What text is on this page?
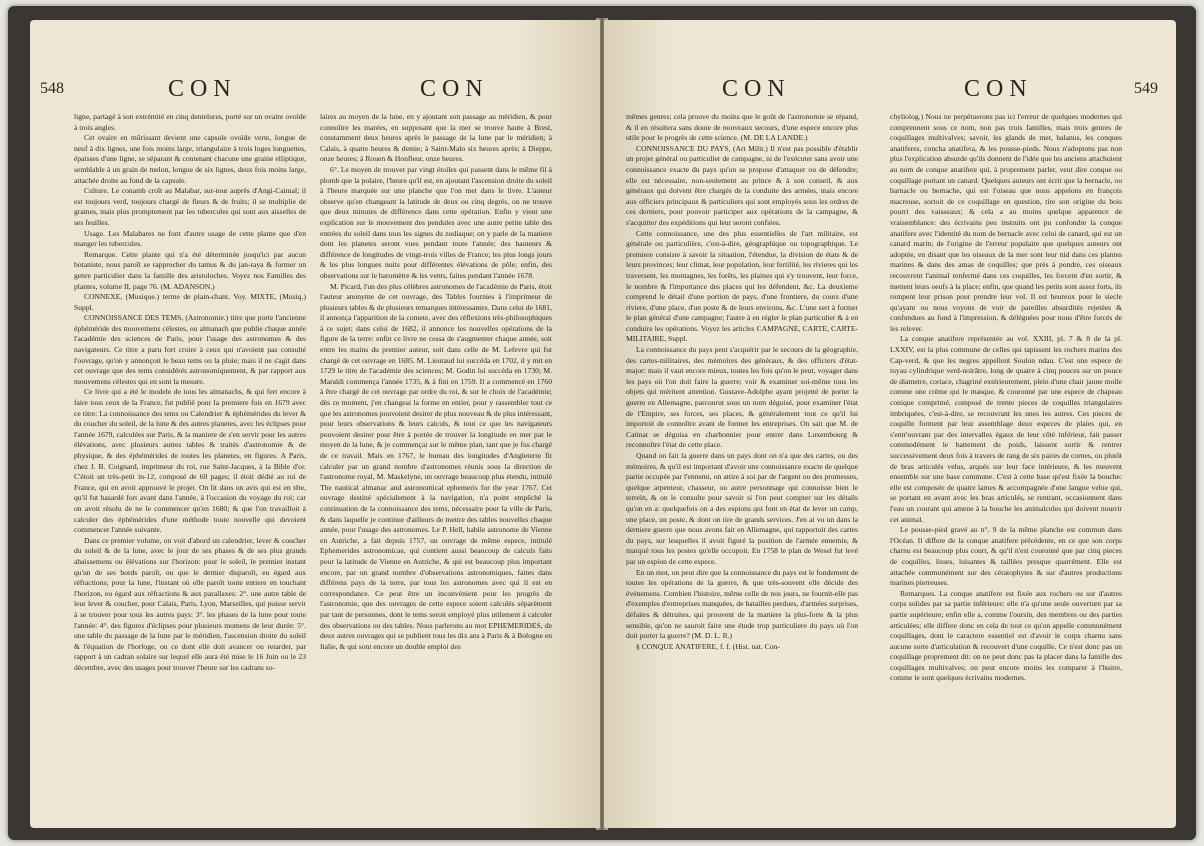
548	CON	CON

ligne, partagé à son extrémité en cinq dentelures, porté sur un ovaire ovoïde à trois angles.

Cet ovaire en mûrissant devient une capsule ovoïde verte, longue de neuf à dix lignes, une fois moins large, triangulaire à trois loges longuettes, épaisses d'une ligne, se séparant & contenant chacune une graine elliptique, semblable à un grain de melon, longue de six lignes, deux fois moins large, attachée droite au fond de la capsule.

Culture. Le conamb croît au Malabar, sur-tout auprès d'Angi-Caimal; il est toujours verd, toujours chargé de fleurs & de fruits; il se multiplie de graines, mais plus promptement par les tubercules qui sont aux aisselles de ses feuilles.

Usage. Les Malabares ne font d'autre usage de cette plante que d'en manger les tubercules.

Remarque. Cette plante qui n'a été déterminée jusqu'ici par aucun botaniste, nous paroît se rapprocher du tamus & du jan-raya & former un genre particulier dans la famille des aristoloches. Voyez nos Familles des plantes, volume II, page 76. (M. ADANSON.)

CONNEXE, (Musique.) terme de plain-chant. Voy. MIXTE, (Musiq.) Suppl.

CONNOISSANCE DES TEMS, (Astronomie.) titre que porte l'ancienne éphéméride des mouvemens célestes, ou almanach que publie chaque année l'académie des sciences de Paris, pour l'usage des astronomes & des navigateurs. Ce titre a paru fort croire à ceux qui n'avoient pas consulté l'ouvrage, qu'on y annonçoit le beau tems ou la pluie; mais il ne s'agit dans cet ouvrage que des tems considérés astronomiquement, & par rapport aux mouvemens célestes qui en sont la mesure.

Ce livre qui a été le modele de tous les almanachs, & qui fert encore à faire tous ceux de la France, fut publié pour la premiere fois en 1679 avec ce titre: La connoissance des tems ou Calendrier & éphémérides du lever & du coucher du soleil, de la lune & des autres planetes, avec les éclipses pour l'année 1679, calculées sur Paris, & la maniere de s'en servir pour les autres élévations, avec plusieurs autres tables & traités d'astronomie & de physique, & des éphémérides de toutes les planetes, en figures. A Paris, chez J. B. Coignard, imprimeur du roi, rue Saint-Jacques, à la Bible d'or. C'étoit un très-petit in-12, composé de 60 pages; il étoit dédié au roi de France, qui en avoit approuvé le projet. On lit dans un avis qui est en tête, qu'il fut hasardé fort avant dans l'année, à l'occasion du voyage du roi; car on avoit résolu de ne le commencer qu'en 1680; & que l'on travailloit à calculer des éphémérides d'une méthode toute nouvelle qui devoient commencer l'année suivante.

Dans ce premier volume, on voit d'abord un calendrier, lever & coucher du soleil & de la lune, avec le jour de ses phases & de ses plus grands abaissemens ou élévations sur l'horizon: pour le soleil, le premier instant qu'un de ses bords paroît, ou que le dernier disparoît, eu égard aux réfractions; pour la lune, l'instant où elle paroît toute entiere en touchant l'horizon, eu égard aux réfractions & aux parallaxes: 2°. une autre table de leur lever & coucher, pour Calais, Paris, Lyon, Marseilles, qui puisse servir à se trouver pour tous les autres pays: 3°. les phases de la lune pour toute l'année: 4°. des figures d'éclipses pour plusieurs momens de leur durée: 5°. une table du passage de la lune par le méridien, l'ascension droite du soleil & l'équation de l'horloge, ou ce dont elle doit avancer ou retarder, par rapport à un cadran solaire sur lequel elle aura été mise le 16 Juin ou le 23 décembre, avec des usages pour trouver l'heure sur les cadrans so-

laires au moyen de la lune, en y ajoutant son passage au méridien, & pour connoître les marées, en supposant que la mer se trouve haute à Brest, constamment deux heures après le passage de la lune par le méridien; à Calais, à quatre heures & demie; à Saint-Malo six heures après; à Dieppe, onze heures; à Rouen & Honfleur, onze heures.

6°. Le moyen de trouver par vingt étoiles qui passent dans le même fil à plomb que la polaire, l'heure qu'il est, en ajoutant l'ascension droite du soleil à l'heure marquée sur une planche que l'on met dans le livre. L'auteur observe qu'en changeant la latitude de deux ou cinq degrés, on ne trouve que deux minutes de différence dans cette opération. Enfin y vient une explication sur le mouvement des pendules avec une autre petite table des entrées du soleil dans tous les signes du zodiaque; on y parle de la maniere dont les planetes seront vues pendant toute l'année; des hauteurs & différence de longitudes de vingt-trois villes de France; les plus longs jours & les plus longues nuits pour différentes élévations de pôle; enfin, des observations sur le baromètre & les vents, faites pendant l'année 1678.

M. Picard, l'un des plus célèbres astronomes de l'académie de Paris, étoit l'auteur anonyme de cet ouvrage, des Tables fournies à l'imprimeur de plusieurs tables & de plusieurs remarques intéressantes. Dans celui de 1681, il annonça l'apparition de la comete, avec des réflexions très-philosophiques à ce sujet; dans celui de 1682, il annonce les nouvelles opérations de la figure de la terre: enfin ce livre ne cessa de s'augmenter chaque année, soit entre les mains du premier auteur, soit dans celle de M. Lefevre qui fut chargé de cet ouvrage en 1685. M. Lieutaud lui succéda en 1702, il y mit en 1729 le titre de l'académie des sciences; M. Godin lui succéda en 1730; M. Maraldi commença l'année 1735, & à fini en 1759. Il a commencé en 1760 à être chargé de cet ouvrage par ordre du roi, & sur le choix de l'académie; dès ce moment, j'en changeai la forme en entier, pour y rassembler tout ce que les astronomes pouvoient desirer de plus nouveau & de plus intéressant, pour leurs observations & leurs calculs, & tout ce que les navigateurs pouvoient desirer pour être à portée de trouver la longitude en mer par le moyen de la lune, & je commençai sur le même plan, tant que je fus chargé de ce travail. Mais en 1767, le bureau des longitudes d'Angleterre fit calculer par un grand nombre d'astronomes réunis sous la direction de l'astronome royal, M. Maskelyne, un ouvrage beaucoup plus étendu, intitulé The nautical almanac and astronomical ephemeris for the year 1767. Cet ouvrage destiné spécialement à la navigation, n'a point empêché la continuation de la connoissance des tems, nécessaire pour la ville de Paris, & dans laquelle je continue d'ailleurs de mettre des tables nouvelles chaque année, pour l'usage des astronomes. Le P. Hell, habile astronome de Vienne en Autriche, a fait depuis 1757, un ouvrage de même espece, intitulé Ephemerides astronomicae, qui contient aussi beaucoup de calculs faits pour la latitude de Vienne en Autriche, & qui est beaucoup plus important encore, par un grand nombre d'observations astronomiques, faites dans différens pays de la terre, par tous les astronomes avec qui il est en correspondance. Ce peut être un inconvénient pour les progrès de l'astronomie, que des ouvrages de cette espece soient calculés séparément par tant de personnes, dont le tems seroit employé plus utilement à calculer des observations ou des tables. Nous parlerons au mot EPHEMERIDES, de deux autres ouvrages qui se publient tous les dix ans à Paris & à Bologne en Italie, & qui sont encore un double emploi des

CON	CON	549

mêmes genres; cela prouve du moins que le goût de l'astronomie se répand, & il en résultera sans doute de nouveaux secours, d'une espece encore plus utile pour le progrès de cette science. (M. DE LA LANDE.)

CONNOISSANCE DU PAYS, (Art Milit.) Il n'est pas possible d'établir un projet général ou particulier de campagne, ni de l'exécuter sans avoir une connoissance exacte du pays qu'on se propose d'attaquer ou de défendre; elle est nécessaire, non-seulement au prince & à son conseil, & aux généraux qui doivent être chargés de la conduite des armées, mais encore aux officiers principaux & particuliers qui sont employés sous les ordres de ces derniers, pour pouvoir participer aux opérations de la campagne, & s'acquitter des expéditions qui leur seront confiées.

Cette connoissance, une des plus essentielles de l'art militaire, est générale ou particulière, c'est-à-dire, géographique ou topographique. Le premiere consiste à savoir la situation, l'étendue, la division de états & de leurs provinces; leur climat, leur population, leur fertilité, les rivieres qui les traversent, les montagnes, les forêts, les plaines qui s'y trouvent, leur force, le nombre & l'importance des places qui les défendent, &c. La deuxieme comprend le détail d'une portion de pays, d'une frontiere, du cours d'une riviere, d'une place, d'un poste & de leurs environs, &c. L'une sert à former le plan général d'une campagne; l'autre à en régler le plan particulier & à en conduire les opérations. Voyez les articles CAMPAGNE, CARTE, CARTE-MILITAIRE, Suppl.

La connoissance du pays peut s'acquérir par le secours de la géographie, des cartes-militaires, des mémoires des généraux, & des officiers d'état-major: mais il vaut encore mieux, toutes les fois qu'on le peut, voyager dans les pays où l'on doit faire la guerre; voir & examiner soi-même tous les objets qui méritent attention. Gustave-Adolphe ayant projetté de porter la guerre en Allemagne, parcourut sous un nom déguisé, pour examiner l'état de l'Empire, ses forces, ses places, & généralement tout ce qu'il lui importoit de connoître avant de former les entreprises. On sait que M. de Catinat se déguisa en charbonnier pour entrer dans Luxembourg & reconnoître l'état de cette place.

Quand on fait la guerre dans un pays dont on n'a que des cartes, ou des mémoires, & qu'il est important d'avoir une connoissance exacte de quelque partie occupée par l'ennemi, on attire à soi par de l'argent ou des promesses, quelque arpenteur, chasseur, ou autre personnage qui connoisse bien le terrein, & on le consulte pour savoir si l'on peut compter sur les détails qu'on en a: quelquefois on a des espions qui font en état de lever un camp, une place, un poste, & dont on tire de grands services. J'en ai vu un dans la derniere guerre que nous avons fait en Allemagne, qui rapportoit des cartes du pays, sur lesquelles il avoit figuré la position de l'armée ennemie, & marqué tous les postes qu'elle occupoit. En 1758 le plan de Wesel fut levé par un espion de cette espece.

En un mot, on peut dire que la connoissance du pays est le fondement de toutes les opérations de la guerre, & que très-souvent elle décide des événemens. Combien l'histoire, même celle de nos jours, ne fournit-elle pas d'exemples d'entreprises manquées, de batailles perdues, d'armées surprises, défaites & détruites, qui prouvent de la maniere la plus-forte & la plus sensible, qu'on ne sauroit faire une étude trop particuliere du pays où l'on doit porter la guerre? (M. D. L. R.)

§ CONQUE ANATIFERE, f. f. (Hist. nat. Con-

chyliolog.) Nous ne perpétuerons pas ici l'erreur de quelques modernes qui comprennent sous ce nom, non pas trois familles, mais trois genres de coquillages multivalves; savoir, les glands de mer, balanus, les conques anatiferes, concha anatifera, & les pousse-pieds. Nous n'adoptons pas non plus l'explication absurde qu'ils donnent de l'idée que les anciens attachoient au nom de conque anatifere qui, à proprement parler, veut dire conque ou coquillage portant un canard. Quelques auteurs ont écrit que la bernacle, ou barnacle ou bernache, qui est l'oiseau que nous appelons en françois macreuse, sortoit de ce coquillage en question, tire son origine du bois pourri des vaisseaux; & cela a au moins quelque apparence de vraisemblance: des écrivains peu instruits ont pu confondre la conque anatifere avec l'identité du nom de bernacle avec celui de canard, qui est un canard marin; de l'origine de l'erreur populaire que quelques auteurs ont adoptée, en disant que les oiseaux de la mer sont leur nid dans ces plantes marines & dans des amas de coquilles; que près à pondre, ces oiseaux recouvrent l'animal renfermé dans ces coquilles, les forcent d'en sortir, & mettent leurs oeufs à la place; enfin, que quand les petits sont assez forts, ils rompent leur prison pour prendre leur vol. Il est heureux pour le siecle qu'ayant ou nous voyons de voir de pareilles absurdités rejetées & confondues au fond à l'impression, & déléguées pour nous d'être forcés de les relever.

La conque anatifere représentée au vol. XXIII, pl. 7 & 8 de la pl. LXXIV, est la plus commune de celles qui tapissent les rochers marins des Cap-verd, & que les negres appellent Soulon ndau. C'est une espece de tuyau cylindrique verd-noirâtre, long de quatre à cinq pouces sur un pouce de diametre, coriace, chagriné extérieurement, plein d'une chair jaune molle comme une crème qui le masque, & couronné par une espece de chapeau conique comprimé, composé de trente pieces de coquilles triangulaires imbriquées, c'est-à-dire, se recouvrant les unes les autres. Ces pieces de coquille forment par leur assemblage deux especes de plaies qui, en s'entr'ouvrant par des intervalles égaux de leur côté inférieur, fait passer commodément le battement du poids, laissent sortir & rentrer successivement deux fois à travers de rang de six paires de cornes, ou plutôt de bras articulés velus, arqués sur leur face intérieure, & les meuvent ensemble sur une base commune. C'est à cette base qu'est fixée la bouche: elle est composée de quatre lames & accompagnée d'une langue velue qui, se portant en avant avec les bras articulés, se rentrant, occasionnent dans l'eau un courant qui amene à la bouche les animalcules qui doivent nourrir cet animal.

Le pousse-pied gravé au n°. 9 de la même planche est commun dans l'Océan. Il differe de la conque anatifere précédente, en ce que son corps charnu est beaucoup plus court, & qu'il n'est couronné que par cinq pieces de coquilles, lisses, luisantes & taillées presque quarrément. Elle est attachée communément sur des cératophytes & sur d'autres productions marines pierreuses.

Remarques. La conque anatifere est fixée aux rochers ou sur d'autres corps solides par sa partie inférieure: elle n'a qu'une seule ouverture par sa partie supérieure; enfin elle a, comme l'oursin, des membres ou des parties articulées; elle differe donc en cela de tout ce qu'on appelle communément coquillages, dont le caractere essentiel est d'avoir le corps charnu sans aucune sorte d'articulation & recouvert d'une coquille. Ce n'est donc pas un coquillage proprement dit: on ne peut donc pas la placer dans la famille des coquillages multivalves; on peut encore moins les comparer à l'huitre, comme le sont quelques écrivains modernes.
